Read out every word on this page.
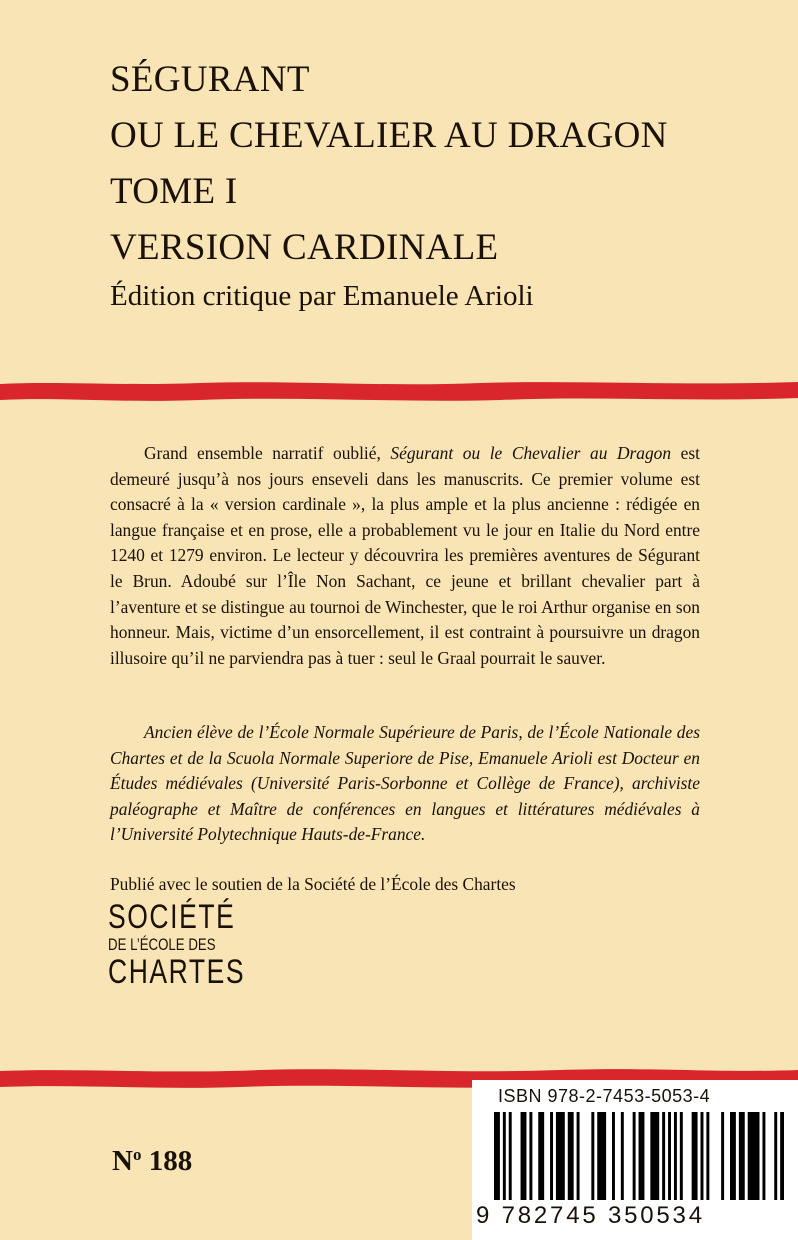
SÉGURANT
OU LE CHEVALIER AU DRAGON
TOME I
VERSION CARDINALE
Édition critique par Emanuele Arioli

Grand ensemble narratif oublié, Ségurant ou le Chevalier au Dragon est demeuré jusqu’à nos jours enseveli dans les manuscrits. Ce premier volume est consacré à la « version cardinale », la plus ample et la plus ancienne : rédigée en langue française et en prose, elle a probablement vu le jour en Italie du Nord entre 1240 et 1279 environ. Le lecteur y découvrira les premières aventures de Ségurant le Brun. Adoubé sur l’Île Non Sachant, ce jeune et brillant chevalier part à l’aventure et se distingue au tournoi de Winchester, que le roi Arthur organise en son honneur. Mais, victime d’un ensorcellement, il est contraint à poursuivre un dragon illusoire qu’il ne parviendra pas à tuer : seul le Graal pourrait le sauver.

Ancien élève de l’École Normale Supérieure de Paris, de l’École Nationale des Chartes et de la Scuola Normale Superiore de Pise, Emanuele Arioli est Docteur en Études médiévales (Université Paris-Sorbonne et Collège de France), archiviste paléographe et Maître de conférences en langues et littératures médiévales à l’Université Polytechnique Hauts-de-France.

Publié avec le soutien de la Société de l’École des Chartes
SOCIÉTÉ
DE L’ÉCOLE DES
CHARTES
$N^o$ 188
ISBN 978-2-7453-5053-4
9 782745 350534
